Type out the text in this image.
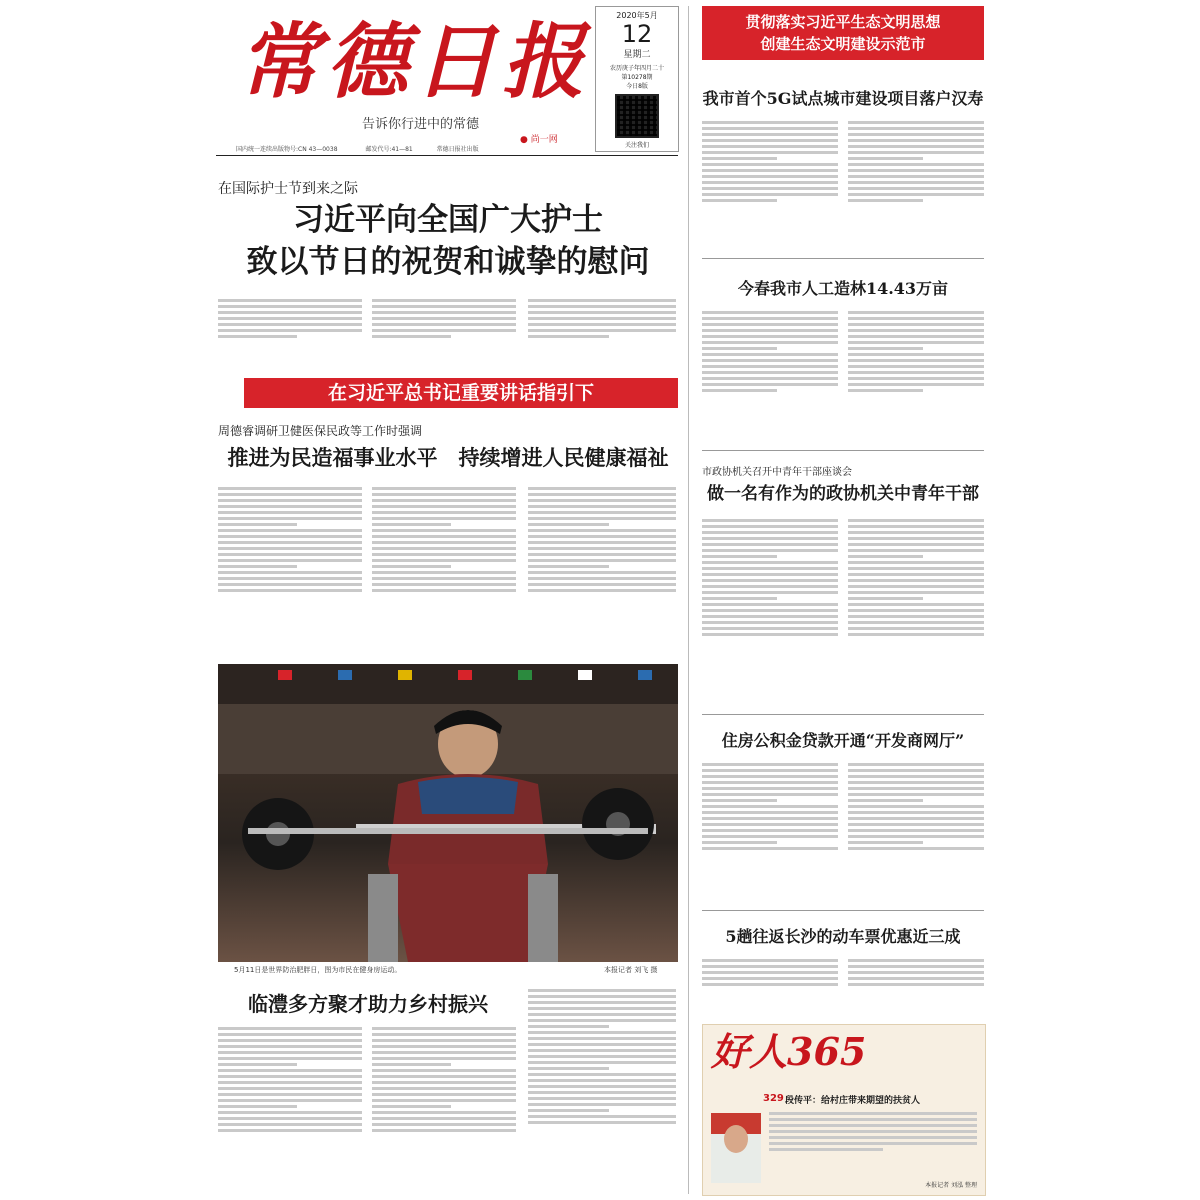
常德日报
告诉你行进中的常德
2020年5月
12
星期二
农历庚子年四月二十
第10278期
今日8版
关注我们
● 尚一网
国内统一连续出版物号:CN 43—0038	邮发代号:41—81	常德日报社出版
贯彻落实习近平生态文明思想
创建生态文明建设示范市
在国际护士节到来之际
习近平向全国广大护士
致以节日的祝贺和诚挚的慰问
在习近平总书记重要讲话指引下
周德睿调研卫健医保民政等工作时强调
推进为民造福事业水平　持续增进人民健康福祉
5月11日是世界防治肥胖日，图为市民在健身房运动。	本报记者 刘飞 摄
临澧多方聚才助力乡村振兴
我市首个5G试点城市建设项目落户汉寿
今春我市人工造林14.43万亩
市政协机关召开中青年干部座谈会
做一名有作为的政协机关中青年干部
住房公积金贷款开通“开发商网厅”
5趟往返长沙的动车票优惠近三成
好人365
329 段传平：给村庄带来期望的扶贫人
本报记者 刘泓 整理
